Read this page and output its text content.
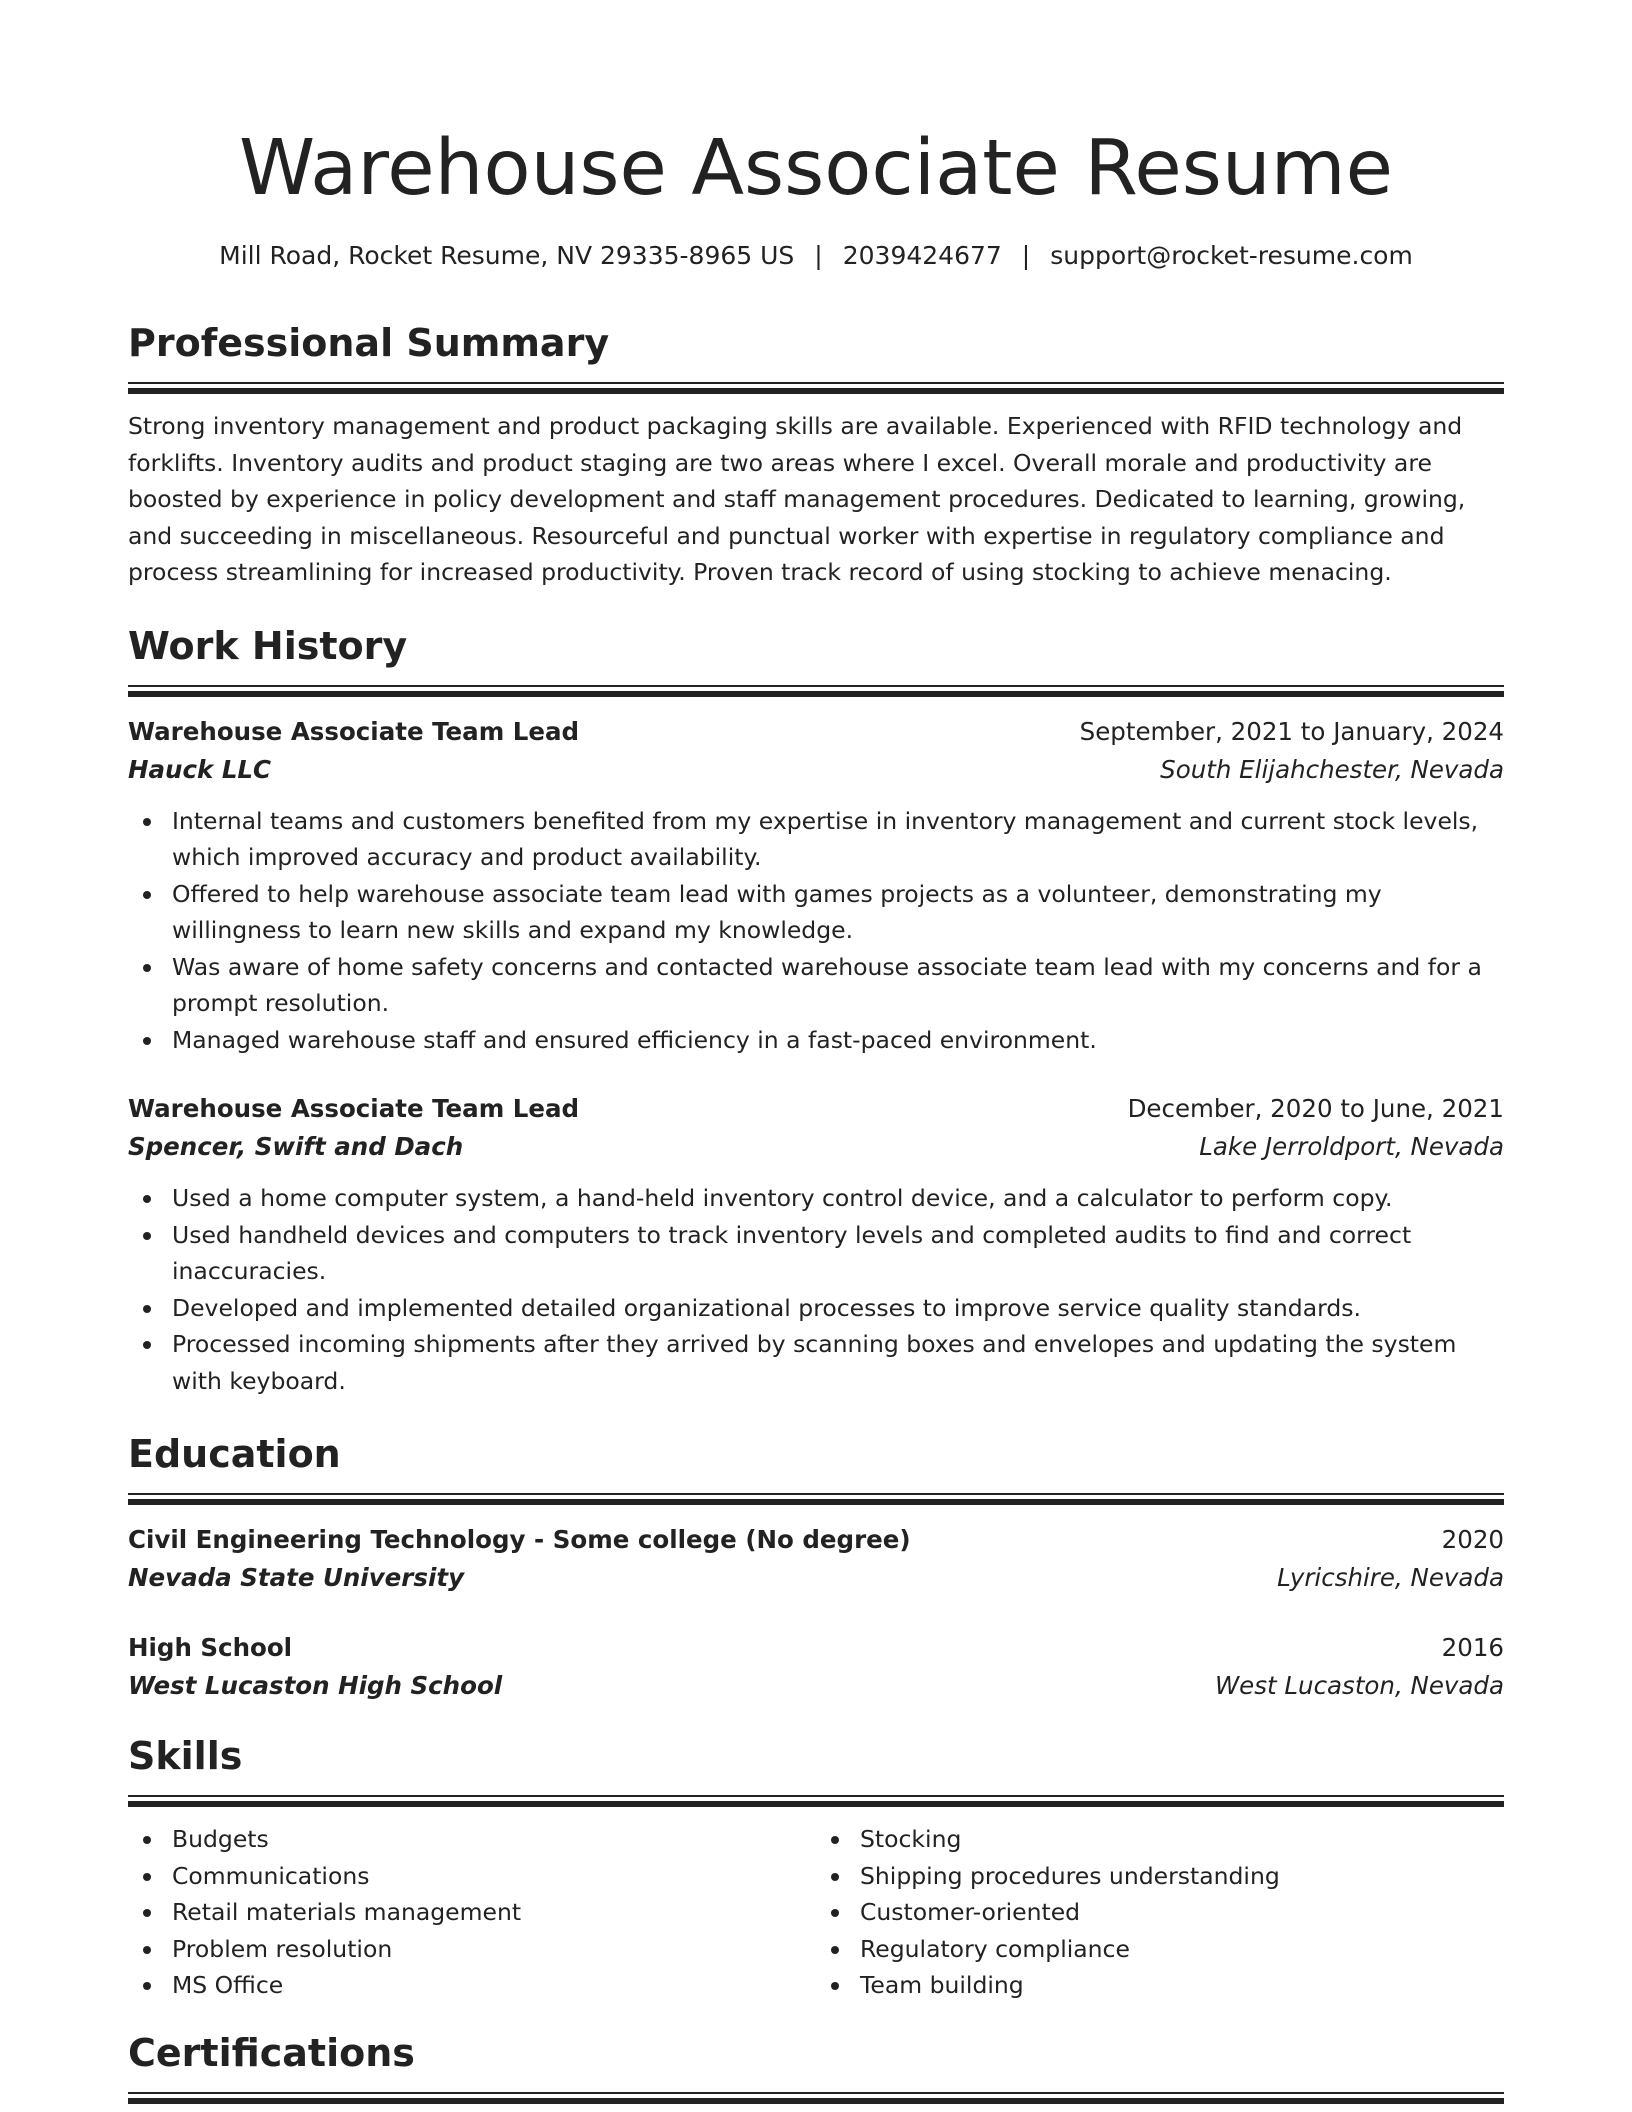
Warehouse Associate Resume
Mill Road, Rocket Resume, NV 29335-8965 US | 2039424677 | support@rocket-resume.com
Professional Summary

Strong inventory management and product packaging skills are available. Experienced with RFID technology and forklifts. Inventory audits and product staging are two areas where I excel. Overall morale and productivity are boosted by experience in policy development and staff management procedures. Dedicated to learning, growing, and succeeding in miscellaneous. Resourceful and punctual worker with expertise in regulatory compliance and process streamlining for increased productivity. Proven track record of using stocking to achieve menacing.

Work History
Warehouse Associate Team Lead	September, 2021 to January, 2024
Hauck LLC	South Elijahchester, Nevada
Internal teams and customers benefited from my expertise in inventory management and current stock levels, which improved accuracy and product availability.
Offered to help warehouse associate team lead with games projects as a volunteer, demonstrating my willingness to learn new skills and expand my knowledge.
Was aware of home safety concerns and contacted warehouse associate team lead with my concerns and for a prompt resolution.
Managed warehouse staff and ensured efficiency in a fast-paced environment.
Warehouse Associate Team Lead	December, 2020 to June, 2021
Spencer, Swift and Dach	Lake Jerroldport, Nevada
Used a home computer system, a hand-held inventory control device, and a calculator to perform copy.
Used handheld devices and computers to track inventory levels and completed audits to find and correct inaccuracies.
Developed and implemented detailed organizational processes to improve service quality standards.
Processed incoming shipments after they arrived by scanning boxes and envelopes and updating the system with keyboard.
Education
Civil Engineering Technology - Some college (No degree)	2020
Nevada State University	Lyricshire, Nevada
High School	2016
West Lucaston High School	West Lucaston, Nevada
Skills
Budgets
Communications
Retail materials management
Problem resolution
MS Office
Stocking
Shipping procedures understanding
Customer-oriented
Regulatory compliance
Team building
Certifications
